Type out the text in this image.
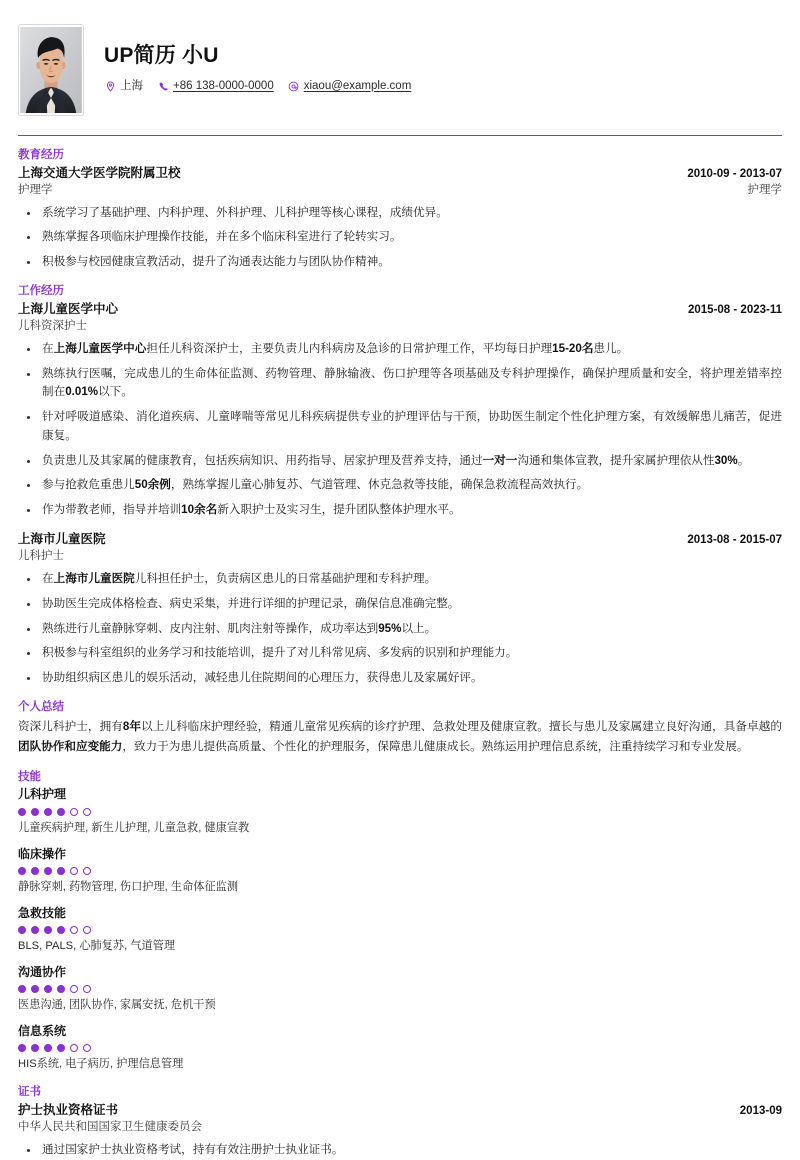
UP简历 小U
上海	+86 138-0000-0000	xiaou@example.com
教育经历
上海交通大学医学院附属卫校	2010-09 - 2013-07
护理学	护理学
系统学习了基础护理、内科护理、外科护理、儿科护理等核心课程，成绩优异。
熟练掌握各项临床护理操作技能，并在多个临床科室进行了轮转实习。
积极参与校园健康宣教活动，提升了沟通表达能力与团队协作精神。
工作经历
上海儿童医学中心	2015-08 - 2023-11
儿科资深护士
在上海儿童医学中心担任儿科资深护士，主要负责儿内科病房及急诊的日常护理工作，平均每日护理15-20名患儿。
熟练执行医嘱，完成患儿的生命体征监测、药物管理、静脉输液、伤口护理等各项基础及专科护理操作，确保护理质量和安全，将护理差错率控制在0.01%以下。
针对呼吸道感染、消化道疾病、儿童哮喘等常见儿科疾病提供专业的护理评估与干预，协助医生制定个性化护理方案，有效缓解患儿痛苦，促进康复。
负责患儿及其家属的健康教育，包括疾病知识、用药指导、居家护理及营养支持，通过一对一沟通和集体宣教，提升家属护理依从性30%。
参与抢救危重患儿50余例，熟练掌握儿童心肺复苏、气道管理、休克急救等技能，确保急救流程高效执行。
作为带教老师，指导并培训10余名新入职护士及实习生，提升团队整体护理水平。
上海市儿童医院	2013-08 - 2015-07
儿科护士
在上海市儿童医院儿科担任护士，负责病区患儿的日常基础护理和专科护理。
协助医生完成体格检查、病史采集，并进行详细的护理记录，确保信息准确完整。
熟练进行儿童静脉穿刺、皮内注射、肌肉注射等操作，成功率达到95%以上。
积极参与科室组织的业务学习和技能培训，提升了对儿科常见病、多发病的识别和护理能力。
协助组织病区患儿的娱乐活动，减轻患儿住院期间的心理压力，获得患儿及家属好评。
个人总结
资深儿科护士，拥有8年以上儿科临床护理经验，精通儿童常见疾病的诊疗护理、急救处理及健康宣教。擅长与患儿及家属建立良好沟通，具备卓越的团队协作和应变能力，致力于为患儿提供高质量、个性化的护理服务，保障患儿健康成长。熟练运用护理信息系统，注重持续学习和专业发展。
技能
儿科护理
儿童疾病护理, 新生儿护理, 儿童急救, 健康宣教
临床操作
静脉穿刺, 药物管理, 伤口护理, 生命体征监测
急救技能
BLS, PALS, 心肺复苏, 气道管理
沟通协作
医患沟通, 团队协作, 家属安抚, 危机干预
信息系统
HIS系统, 电子病历, 护理信息管理
证书
护士执业资格证书	2013-09
中华人民共和国国家卫生健康委员会
通过国家护士执业资格考试，持有有效注册护士执业证书。
